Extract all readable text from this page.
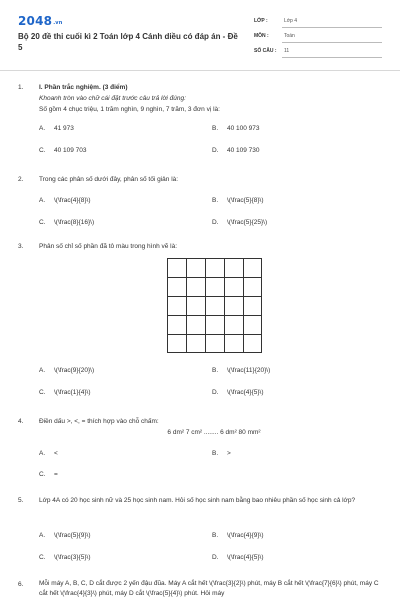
2048.vn
Bộ 20 đề thi cuối kì 2 Toán lớp 4 Cánh diều có đáp án - Đề 5
LỚP :	Lớp 4
MÔN :	Toán
SỐ CÂU : 11
1. I. Phần trắc nghiệm. (3 điểm)
Khoanh tròn vào chữ cái đặt trước câu trả lời đúng:
Số gồm 4 chục triệu, 1 trăm nghìn, 9 nghìn, 7 trăm, 3 đơn vị là:
A. 41 973	B. 40 100 973
C. 40 109 703	D. 40 109 730
2. Trong các phân số dưới đây, phân số tối giản là:
A. \(\frac{4}{8}\)	B. \(\frac{5}{8}\)
C. \(\frac{8}{16}\)	D. \(\frac{5}{25}\)
3. Phân số chỉ số phần đã tô màu trong hình vẽ là:
A. \(\frac{9}{20}\)	B. \(\frac{11}{20}\)
C. \(\frac{1}{4}\)	D. \(\frac{4}{5}\)
4. Điền dấu >, <, = thích hợp vào chỗ chấm:
6 dm² 7 cm² ........ 6 dm² 80 mm²
A. <	B. >
C. =
5. Lớp 4A có 20 học sinh nữ và 25 học sinh nam. Hỏi số học sinh nam bằng bao nhiêu phần số học sinh cả lớp?
A. \(\frac{5}{9}\)	B. \(\frac{4}{9}\)
C. \(\frac{3}{5}\)	D. \(\frac{4}{5}\)
6. Mỗi máy A, B, C, D cắt được 2 yến đậu đũa. Máy A cắt hết \(\frac{3}{2}\) phút, máy B cắt hết \(\frac{7}{6}\) phút, máy C cắt hết \(\frac{4}{3}\) phút, máy D cắt \(\frac{5}{4}\) phút. Hỏi máy
